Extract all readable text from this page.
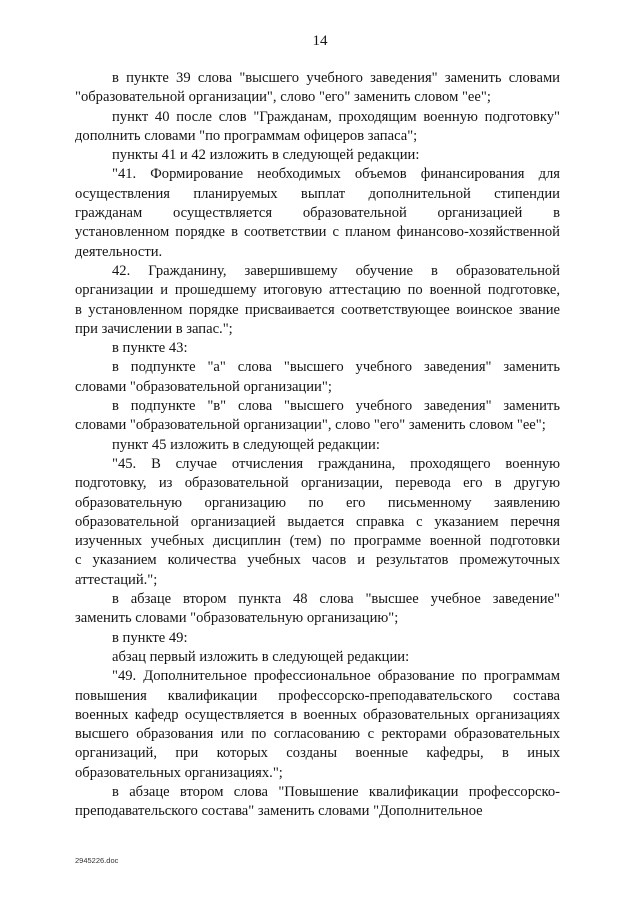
14
в пункте 39 слова "высшего учебного заведения" заменить словами
"образовательной организации", слово "его" заменить словом "ее";
пункт 40 после слов "Гражданам, проходящим военную подготовку"
дополнить словами "по программам офицеров запаса";
пункты 41 и 42 изложить в следующей редакции:
"41. Формирование необходимых объемов финансирования для
осуществления планируемых выплат дополнительной стипендии
гражданам осуществляется образовательной организацией в
установленном порядке в соответствии с планом финансово-хозяйственной
деятельности.
42. Гражданину, завершившему обучение в образовательной
организации и прошедшему итоговую аттестацию по военной подготовке,
в установленном порядке присваивается соответствующее воинское звание
при зачислении в запас.";
в пункте 43:
в подпункте "а" слова "высшего учебного заведения" заменить
словами "образовательной организации";
в подпункте "в" слова "высшего учебного заведения" заменить
словами "образовательной организации", слово "его" заменить словом "ее";
пункт 45 изложить в следующей редакции:
"45. В случае отчисления гражданина, проходящего военную
подготовку, из образовательной организации, перевода его в другую
образовательную организацию по его письменному заявлению
образовательной организацией выдается справка с указанием перечня
изученных учебных дисциплин (тем) по программе военной подготовки
с указанием количества учебных часов и результатов промежуточных
аттестаций.";
в абзаце втором пункта 48 слова "высшее учебное заведение"
заменить словами "образовательную организацию";
в пункте 49:
абзац первый изложить в следующей редакции:
"49. Дополнительное профессиональное образование по программам
повышения квалификации профессорско-преподавательского состава
военных кафедр осуществляется в военных образовательных организациях
высшего образования или по согласованию с ректорами образовательных
организаций, при которых созданы военные кафедры, в иных
образовательных организациях.";
в абзаце втором слова "Повышение квалификации профессорско-
преподавательского состава" заменить словами "Дополнительное
2945226.doc
